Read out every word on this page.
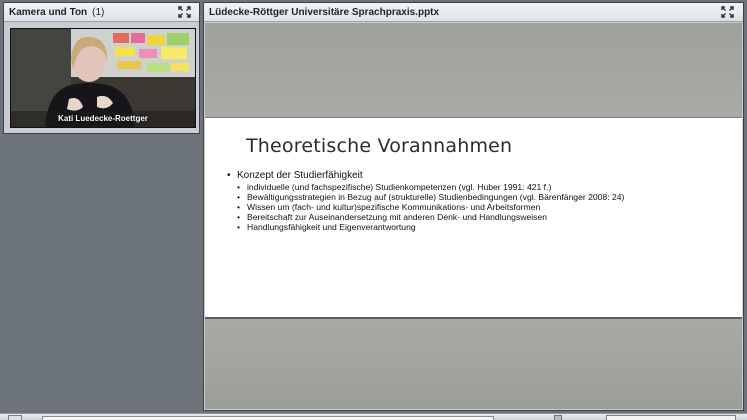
Kamera und Ton (1)
Kati Luedecke-Roettger
Lüdecke-Röttger Universitäre Sprachpraxis.pptx
Theoretische Vorannahmen
• Konzept der Studierfähigkeit
• individuelle (und fachspezifische) Studienkompetenzen (vgl. Huber 1991: 421 f.)
• Bewältigungsstrategien in Bezug auf (strukturelle) Studienbedingungen (vgl. Bärenfänger 2008: 24)
• Wissen um (fach- und kultur)spezifische Kommunikations- und Arbeitsformen
• Bereitschaft zur Auseinandersetzung mit anderen Denk- und Handlungsweisen
• Handlungsfähigkeit und Eigenverantwortung
